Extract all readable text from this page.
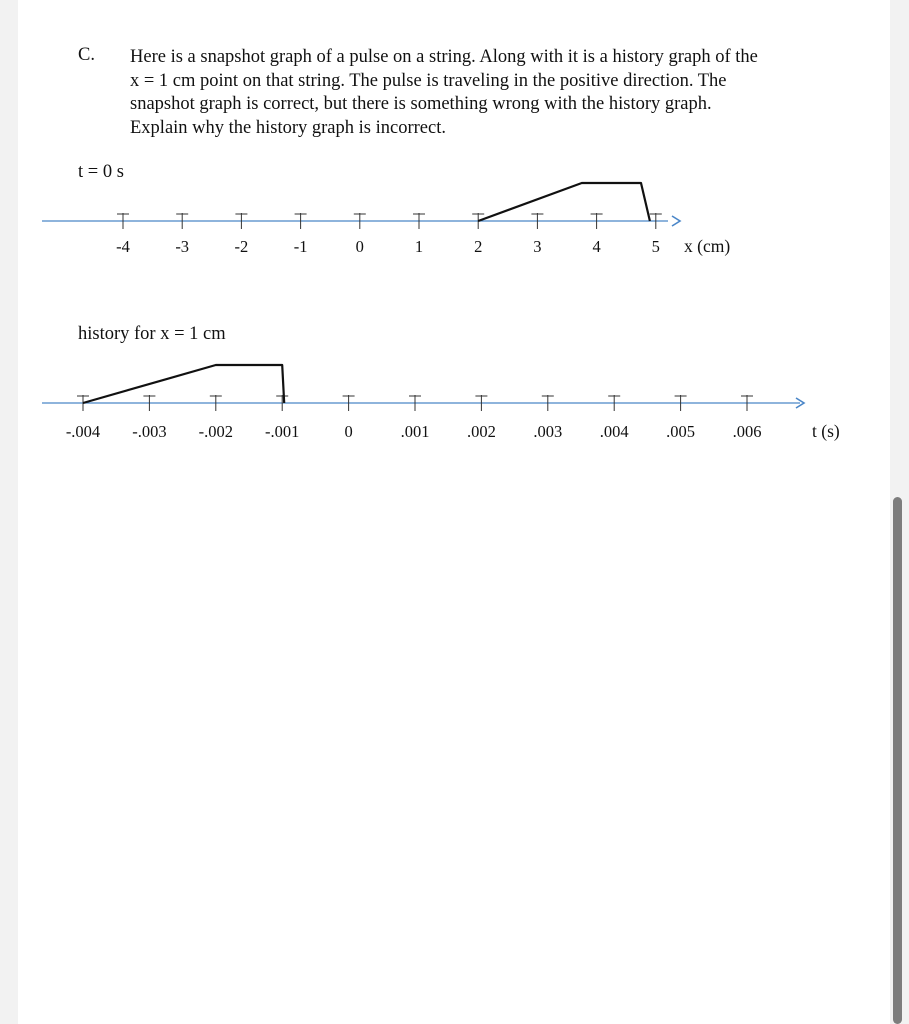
C. Here is a snapshot graph of a pulse on a string. Along with it is a history graph of the
x = 1 cm point on that string. The pulse is traveling in the positive direction. The
snapshot graph is correct, but there is something wrong with the history graph.
Explain why the history graph is incorrect.
t = 0 s
history for x = 1 cm
-4	-3	-2	-1	0	1	2	3	4	5 x (cm)
-.004 -.003 -.002 -.001	0	.001 .002 .003 .004 .005 .006	t (s)
